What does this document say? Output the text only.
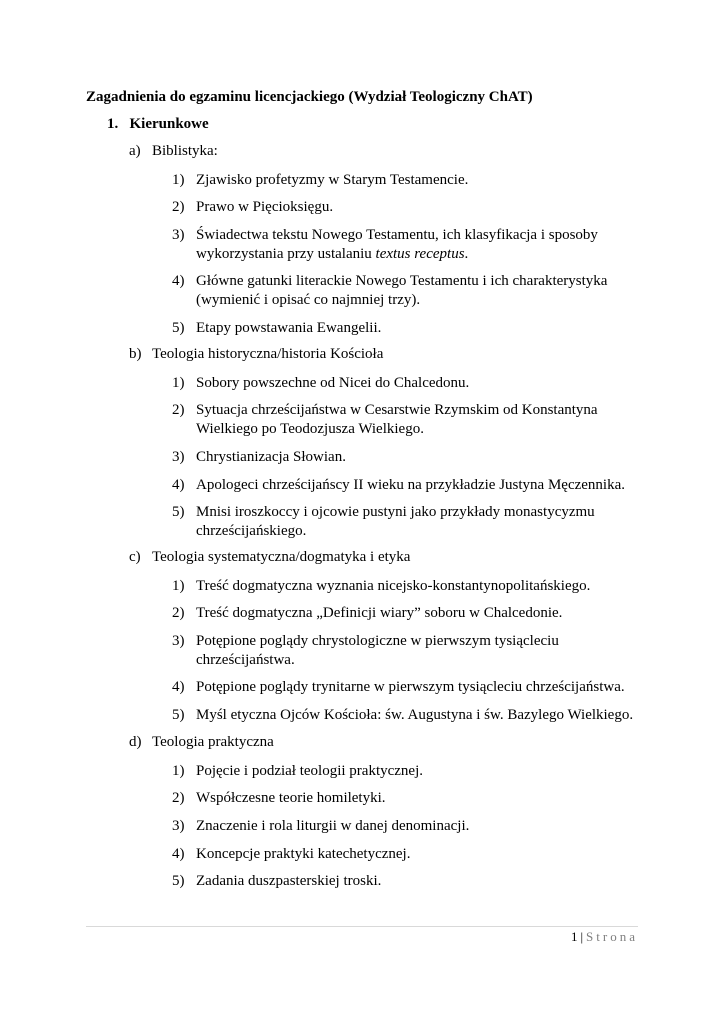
Zagadnienia do egzaminu licencjackiego (Wydział Teologiczny ChAT)
1. Kierunkowe
a) Biblistyka:
1) Zjawisko profetyzmy w Starym Testamencie.
2) Prawo w Pięcioksięgu.
3) Świadectwa tekstu Nowego Testamentu, ich klasyfikacja i sposoby wykorzystania przy ustalaniu textus receptus.
4) Główne gatunki literackie Nowego Testamentu i ich charakterystyka (wymienić i opisać co najmniej trzy).
5) Etapy powstawania Ewangelii.
b) Teologia historyczna/historia Kościoła
1) Sobory powszechne od Nicei do Chalcedonu.
2) Sytuacja chrześcijaństwa w Cesarstwie Rzymskim od Konstantyna Wielkiego po Teodozjusza Wielkiego.
3) Chrystianizacja Słowian.
4) Apologeci chrześcijańscy II wieku na przykładzie Justyna Męczennika.
5) Mnisi iroszkoccy i ojcowie pustyni jako przykłady monastycyzmu chrześcijańskiego.
c) Teologia systematyczna/dogmatyka i etyka
1) Treść dogmatyczna wyznania nicejsko-konstantynopolitańskiego.
2) Treść dogmatyczna „Definicji wiary” soboru w Chalcedonie.
3) Potępione poglądy chrystologiczne w pierwszym tysiącleciu chrześcijaństwa.
4) Potępione poglądy trynitarne w pierwszym tysiącleciu chrześcijaństwa.
5) Myśl etyczna Ojców Kościoła: św. Augustyna i św. Bazylego Wielkiego.
d) Teologia praktyczna
1) Pojęcie i podział teologii praktycznej.
2) Współczesne teorie homiletyki.
3) Znaczenie i rola liturgii w danej denominacji.
4) Koncepcje praktyki katechetycznej.
5) Zadania duszpasterskiej troski.
1 | Strona
